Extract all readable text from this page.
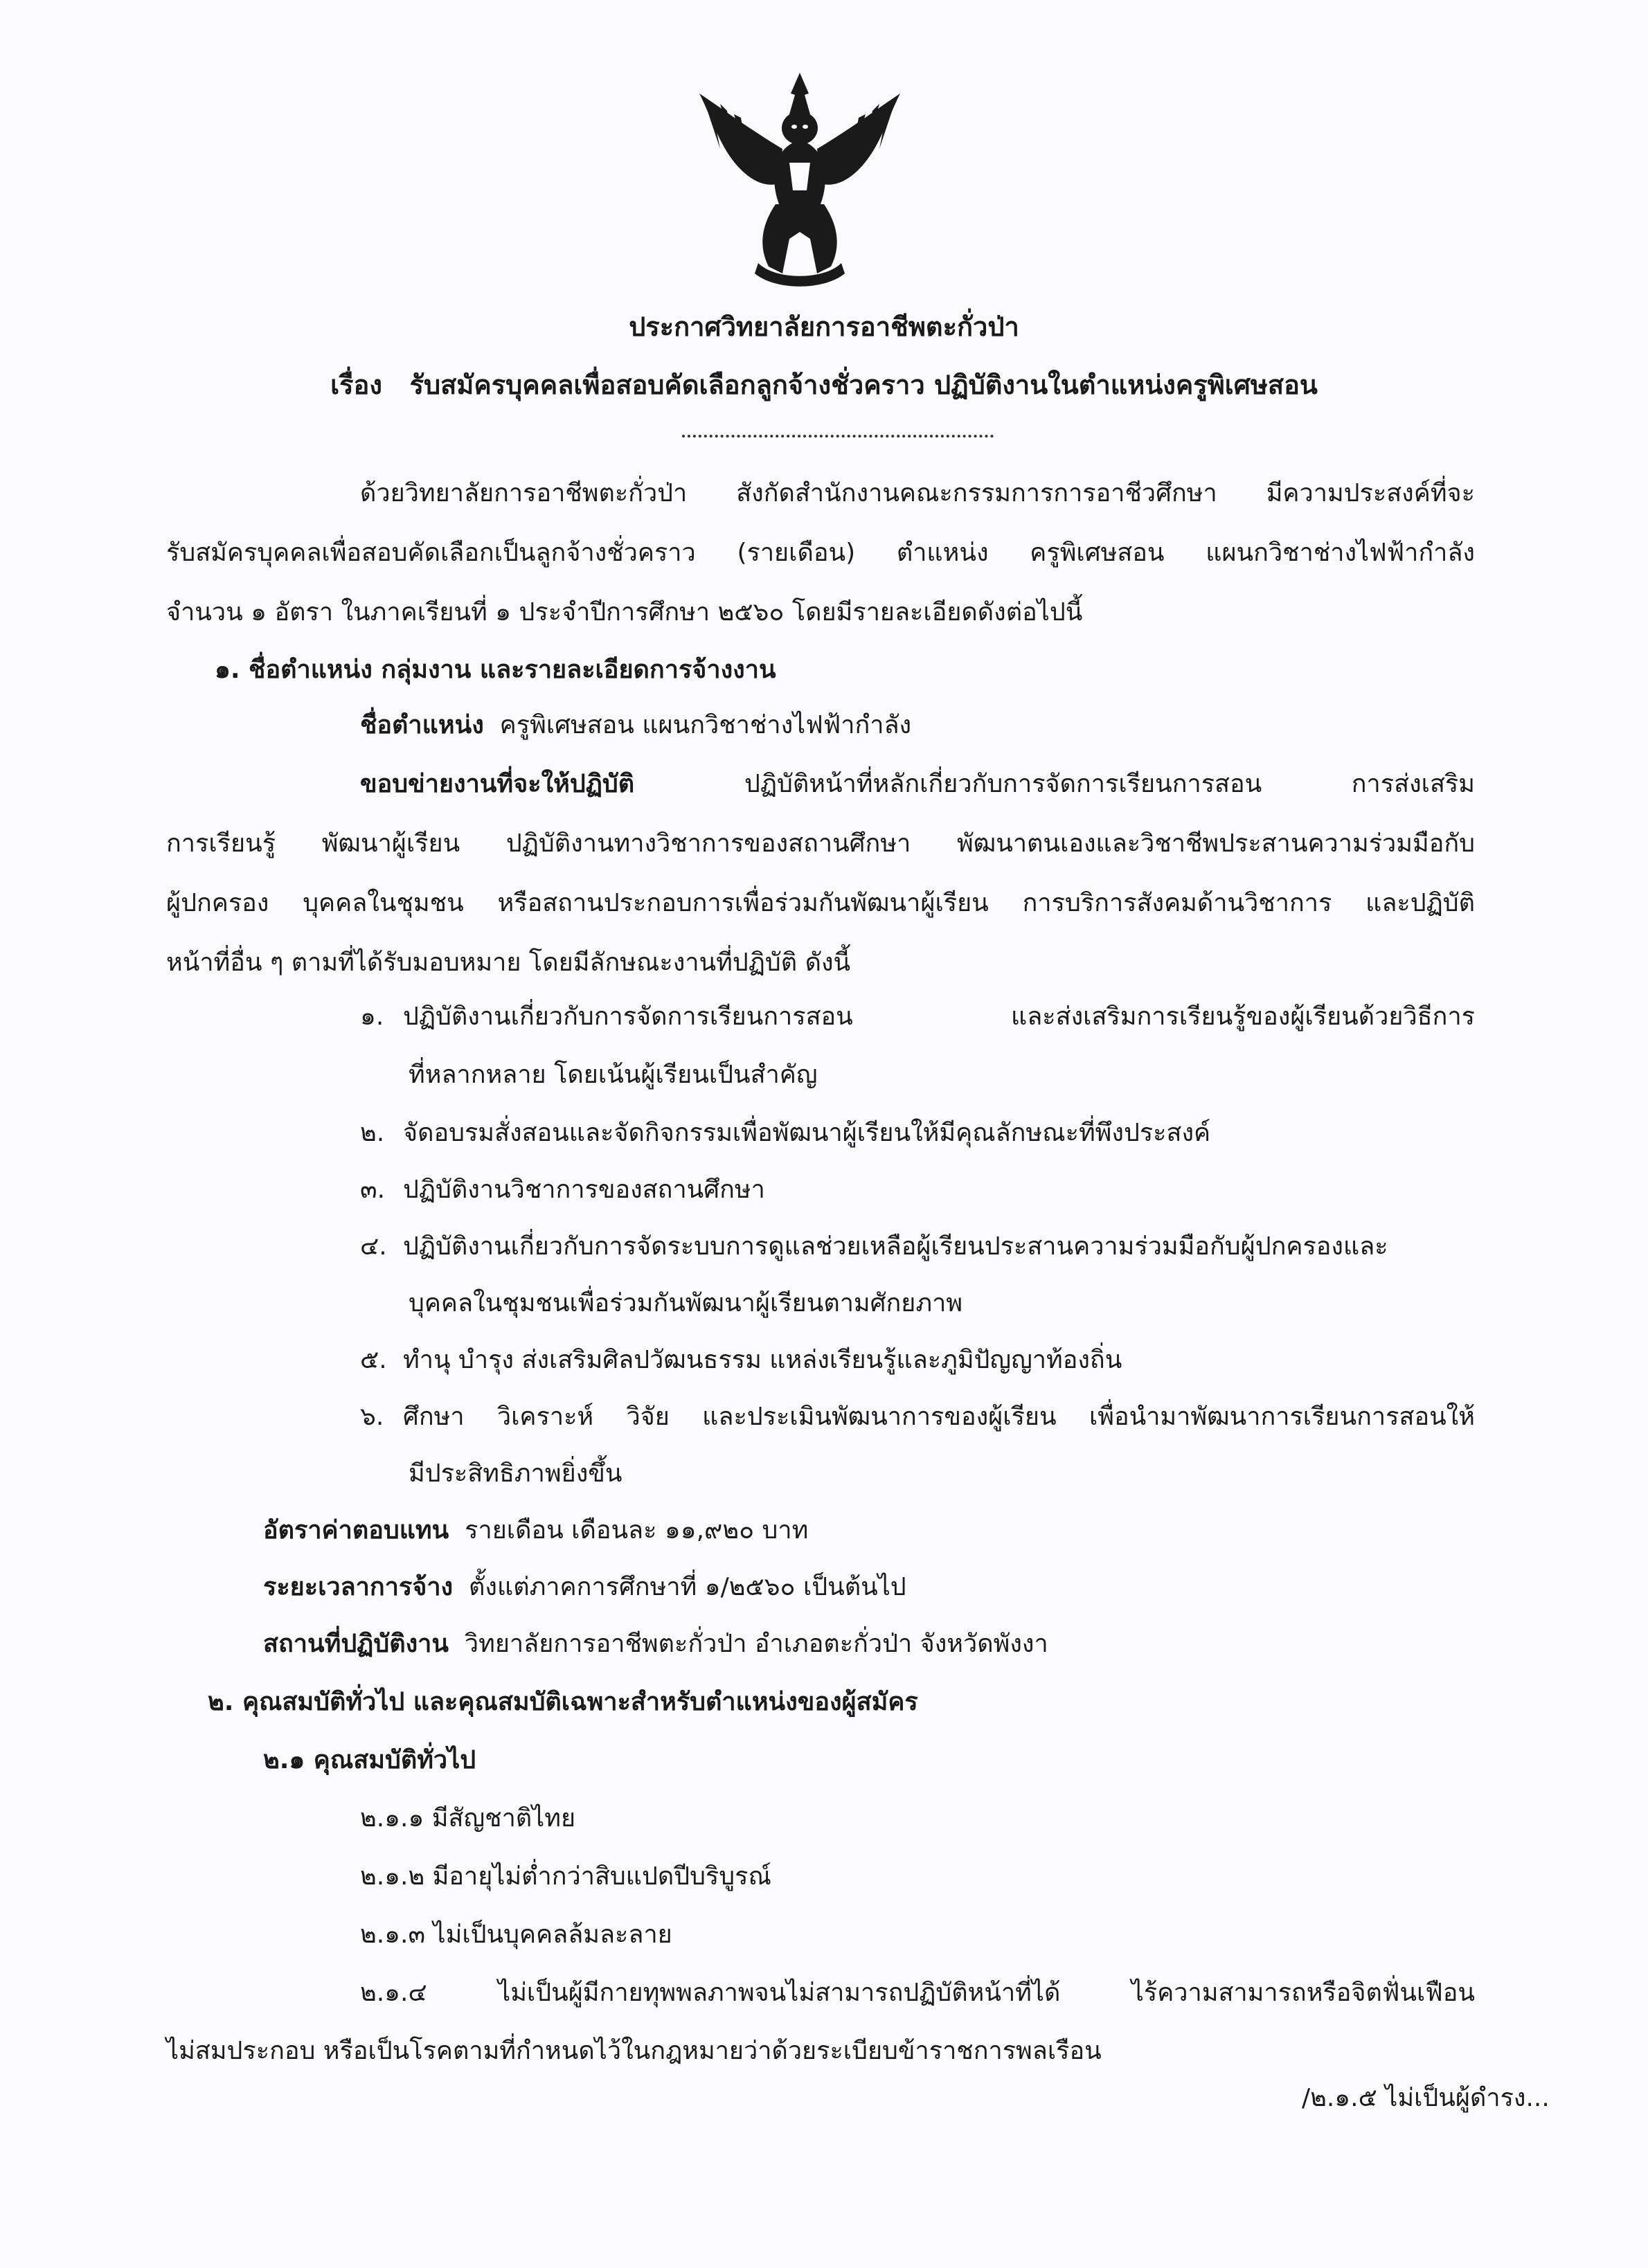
ประกาศวิทยาลัยการอาชีพตะกั่วป่า
เรื่อง รับสมัครบุคคลเพื่อสอบคัดเลือกลูกจ้างชั่วคราว ปฏิบัติงานในตำแหน่งครูพิเศษสอน
ด้วยวิทยาลัยการอาชีพตะกั่วป่า สังกัดสำนักงานคณะกรรมการการอาชีวศึกษา มีความประสงค์ที่จะ
รับสมัครบุคคลเพื่อสอบคัดเลือกเป็นลูกจ้างชั่วคราว (รายเดือน) ตำแหน่ง ครูพิเศษสอน แผนกวิชาช่างไฟฟ้ากำลัง
จำนวน ๑ อัตรา ในภาคเรียนที่ ๑ ประจำปีการศึกษา ๒๕๖๐ โดยมีรายละเอียดดังต่อไปนี้
๑. ชื่อตำแหน่ง กลุ่มงาน และรายละเอียดการจ้างงาน
ชื่อตำแหน่ง ครูพิเศษสอน แผนกวิชาช่างไฟฟ้ากำลัง
ขอบข่ายงานที่จะให้ปฏิบัติ	ปฏิบัติหน้าที่หลักเกี่ยวกับการจัดการเรียนการสอน การส่งเสริม
การเรียนรู้ พัฒนาผู้เรียน ปฏิบัติงานทางวิชาการของสถานศึกษา พัฒนาตนเองและวิชาชีพประสานความร่วมมือกับ
ผู้ปกครอง บุคคลในชุมชน หรือสถานประกอบการเพื่อร่วมกันพัฒนาผู้เรียน การบริการสังคมด้านวิชาการ และปฏิบัติ
หน้าที่อื่น ๆ ตามที่ได้รับมอบหมาย โดยมีลักษณะงานที่ปฏิบัติ ดังนี้
๑. ปฏิบัติงานเกี่ยวกับการจัดการเรียนการสอน และส่งเสริมการเรียนรู้ของผู้เรียนด้วยวิธีการ
ที่หลากหลาย โดยเน้นผู้เรียนเป็นสำคัญ
๒. จัดอบรมสั่งสอนและจัดกิจกรรมเพื่อพัฒนาผู้เรียนให้มีคุณลักษณะที่พึงประสงค์
๓. ปฏิบัติงานวิชาการของสถานศึกษา
๔. ปฏิบัติงานเกี่ยวกับการจัดระบบการดูแลช่วยเหลือผู้เรียนประสานความร่วมมือกับผู้ปกครองและ
บุคคลในชุมชนเพื่อร่วมกันพัฒนาผู้เรียนตามศักยภาพ
๕. ทำนุ บำรุง ส่งเสริมศิลปวัฒนธรรม แหล่งเรียนรู้และภูมิปัญญาท้องถิ่น
๖. ศึกษา วิเคราะห์ วิจัย และประเมินพัฒนาการของผู้เรียน เพื่อนำมาพัฒนาการเรียนการสอนให้
มีประสิทธิภาพยิ่งขึ้น
อัตราค่าตอบแทน รายเดือน เดือนละ ๑๑,๙๒๐ บาท
ระยะเวลาการจ้าง ตั้งแต่ภาคการศึกษาที่ ๑/๒๕๖๐ เป็นต้นไป
สถานที่ปฏิบัติงาน วิทยาลัยการอาชีพตะกั่วป่า อำเภอตะกั่วป่า จังหวัดพังงา
๒. คุณสมบัติทั่วไป และคุณสมบัติเฉพาะสำหรับตำแหน่งของผู้สมัคร
๒.๑ คุณสมบัติทั่วไป
๒.๑.๑ มีสัญชาติไทย
๒.๑.๒ มีอายุไม่ต่ำกว่าสิบแปดปีบริบูรณ์
๒.๑.๓ ไม่เป็นบุคคลล้มละลาย
๒.๑.๔ ไม่เป็นผู้มีกายทุพพลภาพจนไม่สามารถปฏิบัติหน้าที่ได้ ไร้ความสามารถหรือจิตฟั่นเฟือน
ไม่สมประกอบ หรือเป็นโรคตามที่กำหนดไว้ในกฎหมายว่าด้วยระเบียบข้าราชการพลเรือน
/๒.๑.๕ ไม่เป็นผู้ดำรง...
